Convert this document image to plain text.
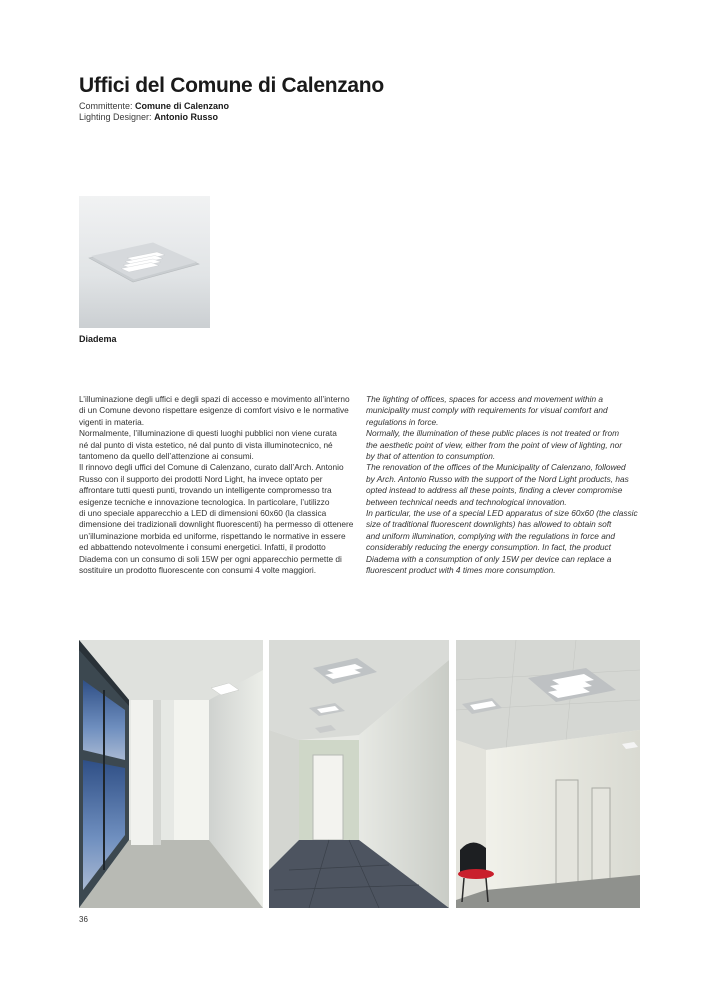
Uffici del Comune di Calenzano
Committente: Comune di Calenzano
Lighting Designer: Antonio Russo
Diadema

L’illuminazione degli uffici e degli spazi di accesso e movimento all’interno

di un Comune devono rispettare esigenze di comfort visivo e le normative

vigenti in materia.

Normalmente, l’illuminazione di questi luoghi pubblici non viene curata

né dal punto di vista estetico, né dal punto di vista illuminotecnico, né

tantomeno da quello dell’attenzione ai consumi.

Il rinnovo degli uffici del Comune di Calenzano, curato dall’Arch. Antonio

Russo con il supporto dei prodotti Nord Light, ha invece optato per

affrontare tutti questi punti, trovando un intelligente compromesso tra

esigenze tecniche e innovazione tecnologica. In particolare, l’utilizzo

di uno speciale apparecchio a LED di dimensioni 60x60 (la classica

dimensione dei tradizionali downlight fluorescenti) ha permesso di ottenere

un’illuminazione morbida ed uniforme, rispettando le normative in essere

ed abbattendo notevolmente i consumi energetici. Infatti, il prodotto

Diadema con un consumo di soli 15W per ogni apparecchio permette di

sostituire un prodotto fluorescente con consumi 4 volte maggiori.

The lighting of offices, spaces for access and movement within a

municipality must comply with requirements for visual comfort and

regulations in force.

Normally, the illumination of these public places is not treated or from

the aesthetic point of view, either from the point of view of lighting, nor

by that of attention to consumption.

The renovation of the offices of the Municipality of Calenzano, followed

by Arch. Antonio Russo with the support of the Nord Light products, has

opted instead to address all these points, finding a clever compromise

between technical needs and technological innovation.

In particular, the use of a special LED apparatus of size 60x60 (the classic

size of traditional fluorescent downlights) has allowed to obtain soft

and uniform illumination, complying with the regulations in force and

considerably reducing the energy consumption. In fact, the product

Diadema with a consumption of only 15W per device can replace a

fluorescent product with 4 times more consumption.

36
